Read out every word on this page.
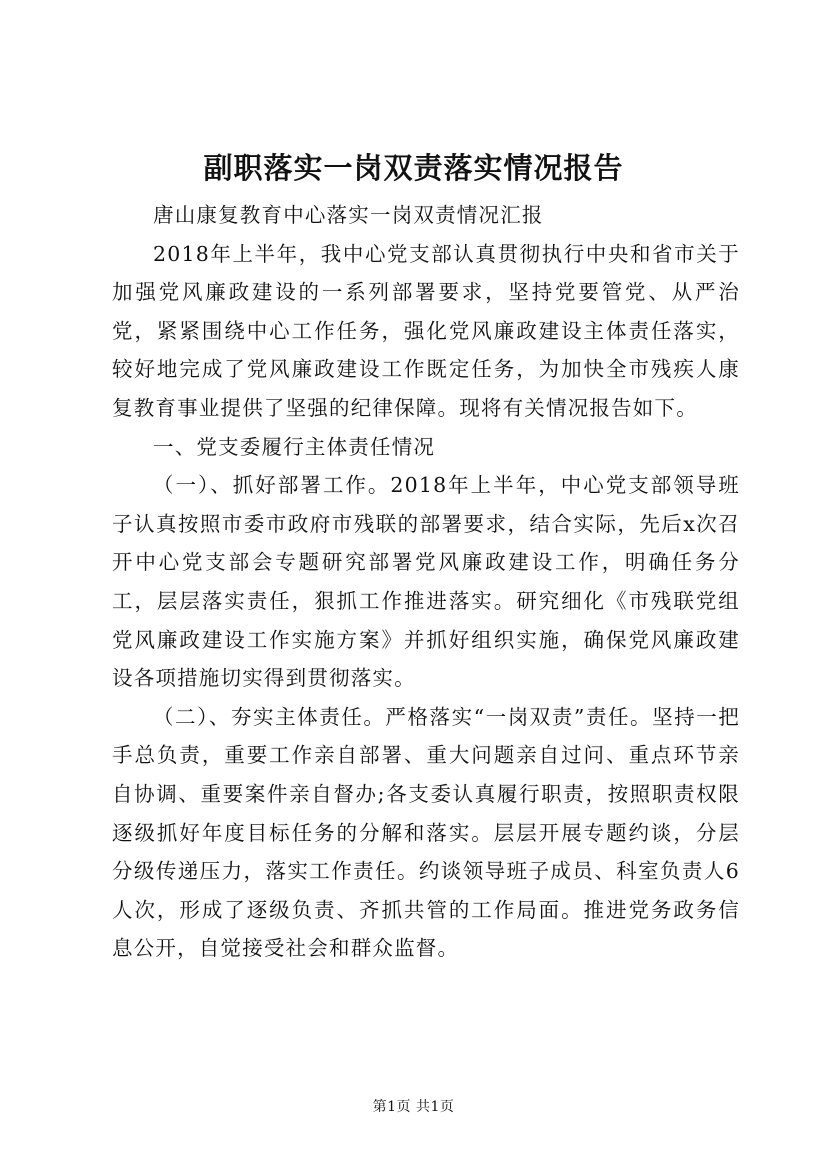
副职落实一岗双责落实情况报告

唐山康复教育中心落实一岗双责情况汇报

2018年上半年，我中心党支部认真贯彻执行中央和省市关于加强党风廉政建设的一系列部署要求，坚持党要管党、从严治党，紧紧围绕中心工作任务，强化党风廉政建设主体责任落实，较好地完成了党风廉政建设工作既定任务，为加快全市残疾人康复教育事业提供了坚强的纪律保障。现将有关情况报告如下。

一、党支委履行主体责任情况

（一）、抓好部署工作。2018年上半年，中心党支部领导班子认真按照市委市政府市残联的部署要求，结合实际，先后x次召开中心党支部会专题研究部署党风廉政建设工作，明确任务分工，层层落实责任，狠抓工作推进落实。研究细化《市残联党组党风廉政建设工作实施方案》并抓好组织实施，确保党风廉政建设各项措施切实得到贯彻落实。

（二）、夯实主体责任。严格落实“一岗双责”责任。坚持一把手总负责，重要工作亲自部署、重大问题亲自过问、重点环节亲自协调、重要案件亲自督办;各支委认真履行职责，按照职责权限逐级抓好年度目标任务的分解和落实。层层开展专题约谈，分层分级传递压力，落实工作责任。约谈领导班子成员、科室负责人6人次，形成了逐级负责、齐抓共管的工作局面。推进党务政务信息公开，自觉接受社会和群众监督。

第1页 共1页
